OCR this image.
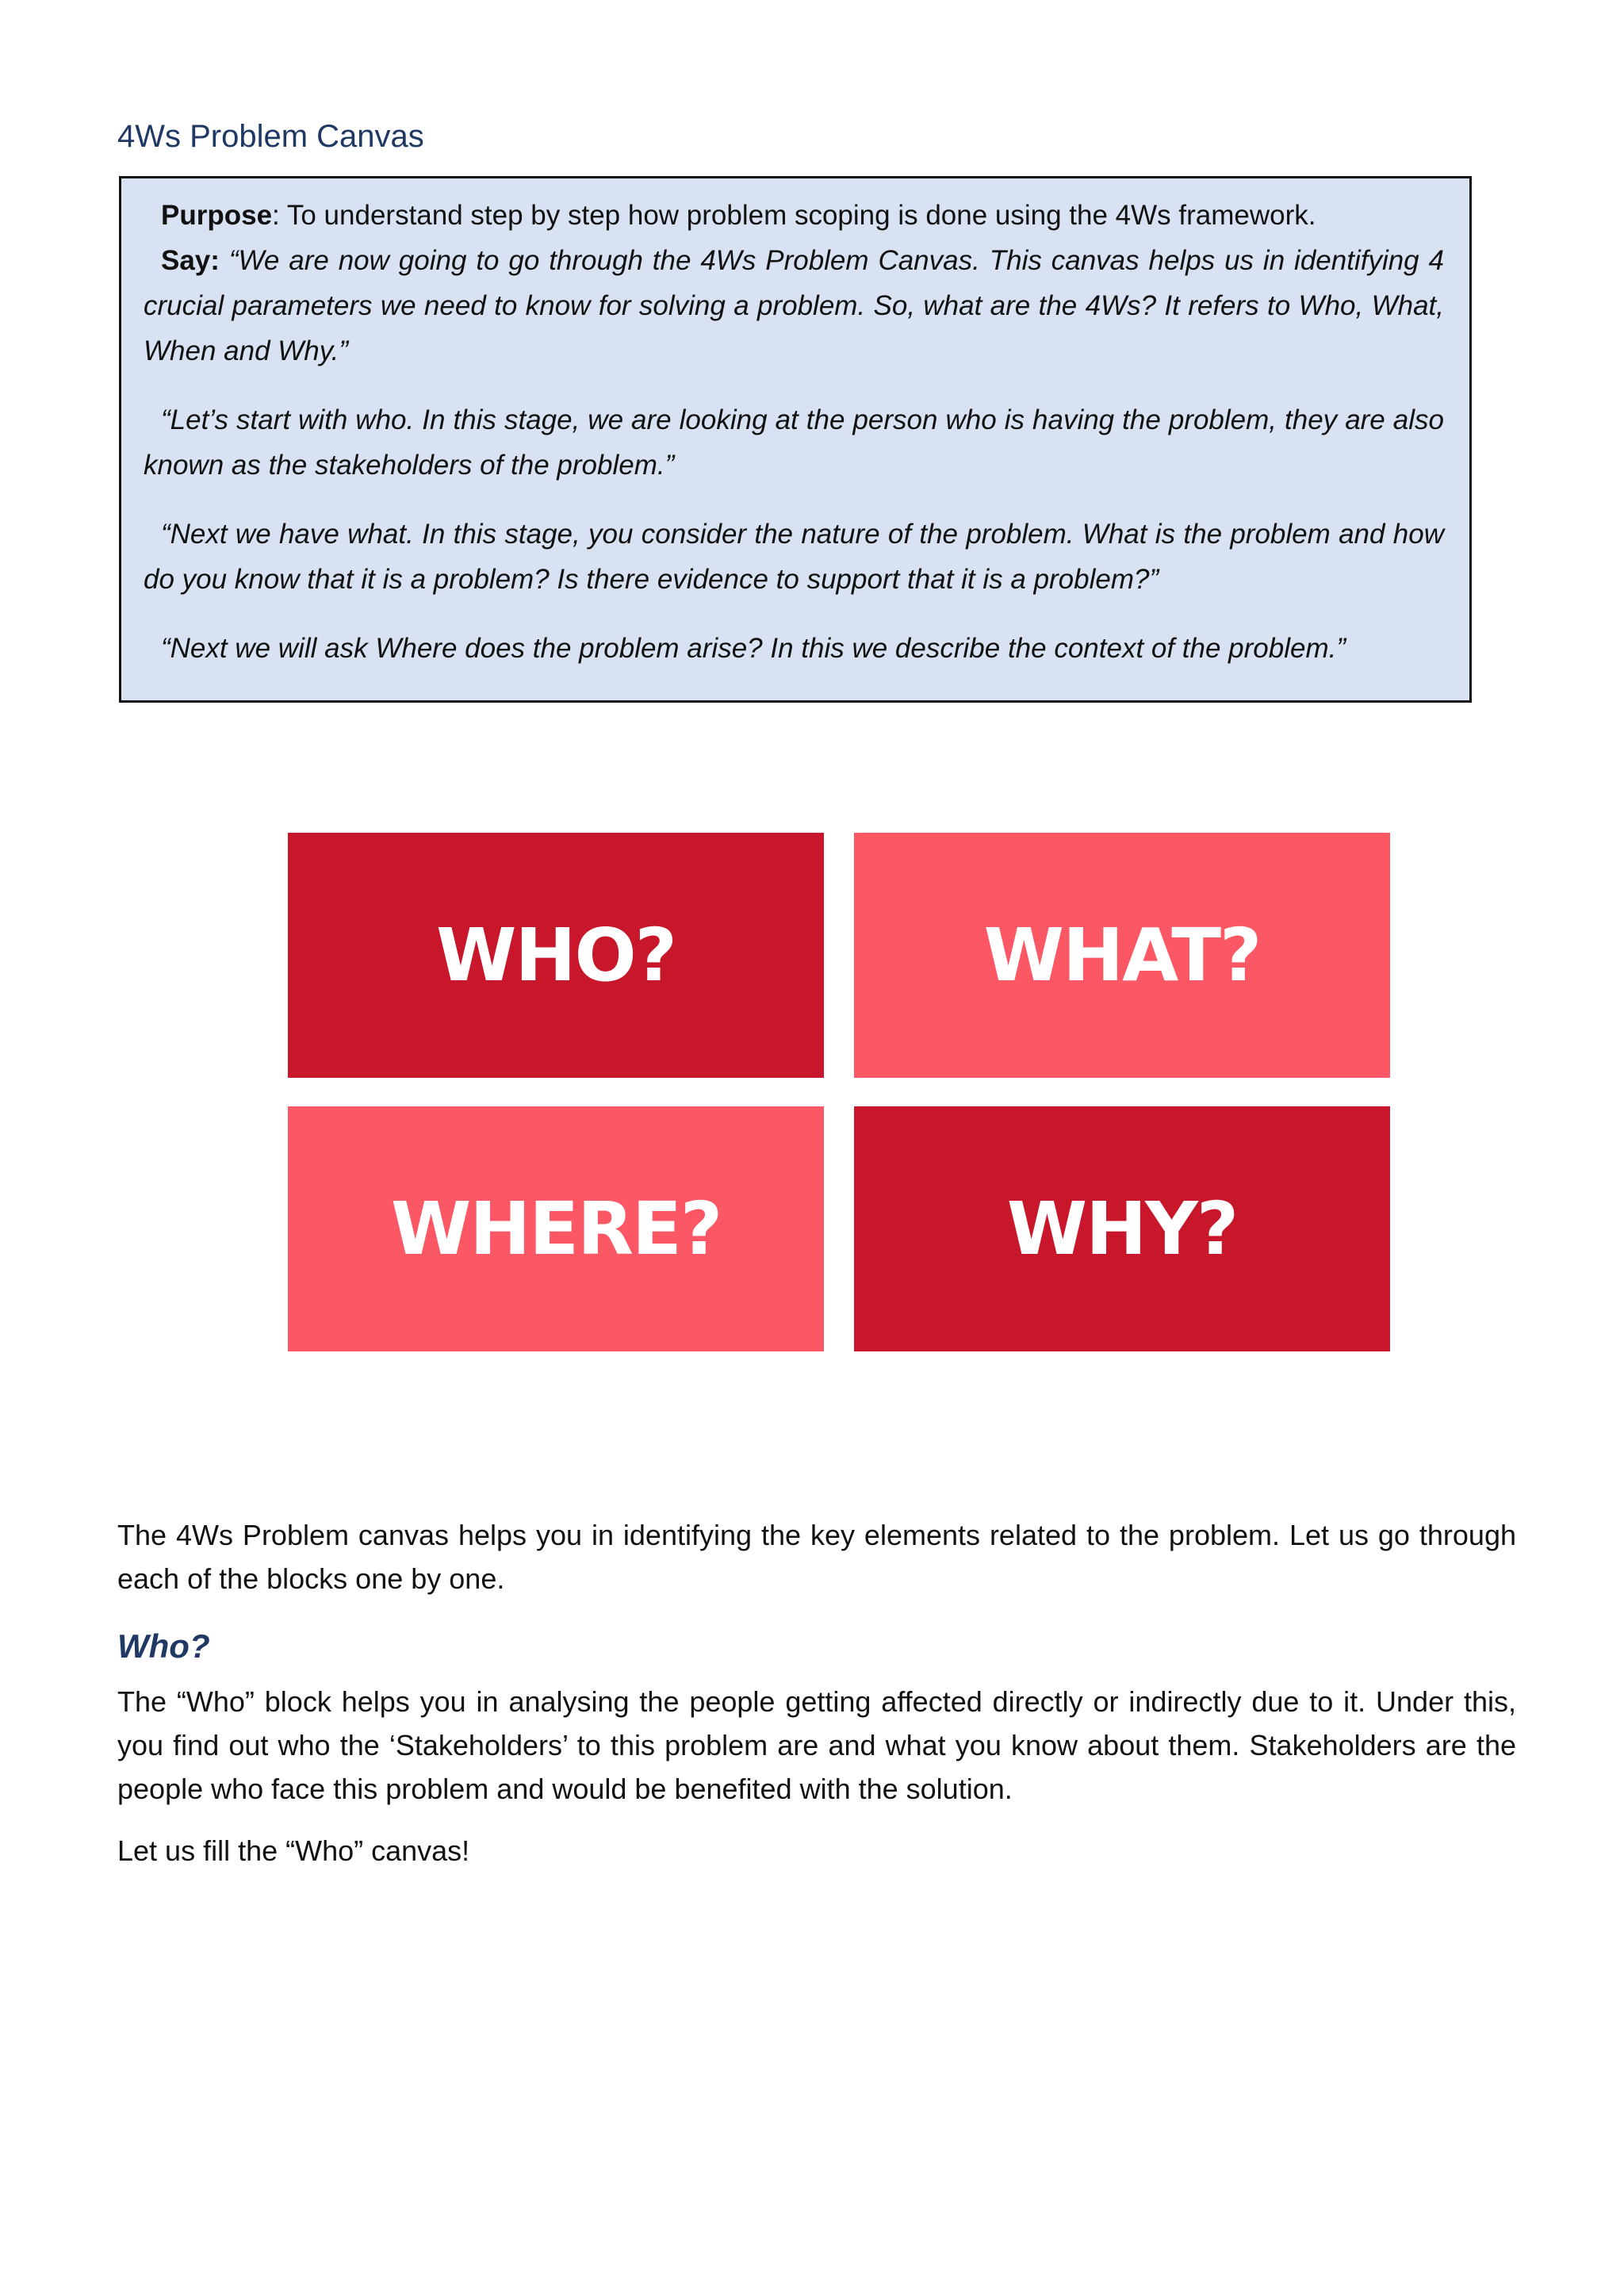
4Ws Problem Canvas

Purpose: To understand step by step how problem scoping is done using the 4Ws framework.

Say: “We are now going to go through the 4Ws Problem Canvas. This canvas helps us in identifying 4 crucial parameters we need to know for solving a problem. So, what are the 4Ws? It refers to Who, What, When and Why.”

“Let’s start with who. In this stage, we are looking at the person who is having the problem, they are also known as the stakeholders of the problem.”

“Next we have what. In this stage, you consider the nature of the problem. What is the problem and how do you know that it is a problem? Is there evidence to support that it is a problem?”

“Next we will ask Where does the problem arise? In this we describe the context of the problem.”

WHO?	WHAT?
WHERE?	WHY?

The 4Ws Problem canvas helps you in identifying the key elements related to the problem. Let us go through each of the blocks one by one.

Who?

The “Who” block helps you in analysing the people getting affected directly or indirectly due to it. Under this, you find out who the ‘Stakeholders’ to this problem are and what you know about them. Stakeholders are the people who face this problem and would be benefited with the solution.

Let us fill the “Who” canvas!
